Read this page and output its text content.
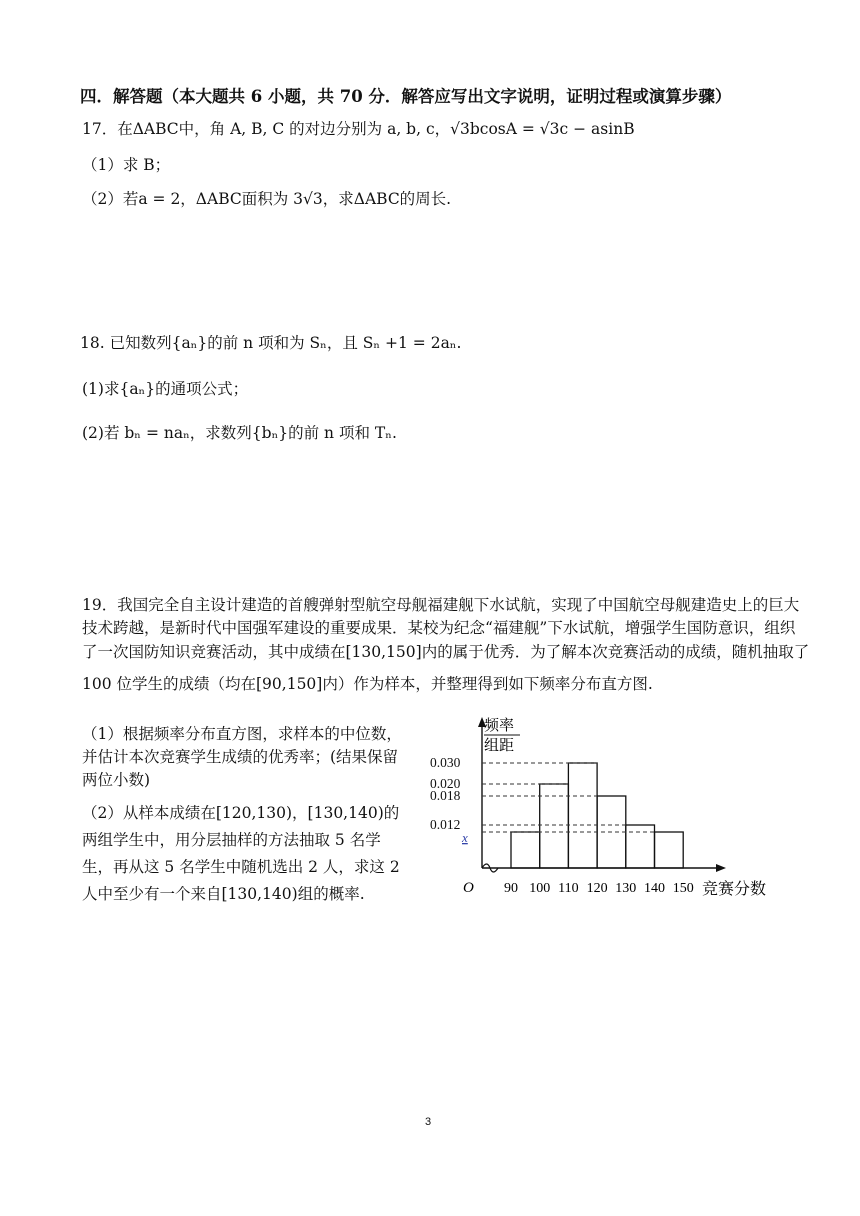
四．解答题（本大题共 6 小题，共 70 分．解答应写出文字说明，证明过程或演算步骤）
17．在ΔABC中，角 A, B, C 的对边分别为 a, b, c，√3bcosA = √3c − asinB
（1）求 B；
（2）若a = 2，ΔABC面积为 3√3，求ΔABC的周长.
18. 已知数列{aₙ}的前 n 项和为 Sₙ，且 Sₙ +1 = 2aₙ.
(1)求{aₙ}的通项公式；
(2)若 bₙ = naₙ，求数列{bₙ}的前 n 项和 Tₙ.
19．我国完全自主设计建造的首艘弹射型航空母舰福建舰下水试航，实现了中国航空母舰建造史上的巨大
技术跨越，是新时代中国强军建设的重要成果．某校为纪念“福建舰”下水试航，增强学生国防意识，组织
了一次国防知识竞赛活动，其中成绩在[130,150]内的属于优秀．为了解本次竞赛活动的成绩，随机抽取了
100 位学生的成绩（均在[90,150]内）作为样本，并整理得到如下频率分布直方图.
（1）根据频率分布直方图，求样本的中位数，并估计本次竞赛学生成绩的优秀率；(结果保留两位小数)
（2）从样本成绩在[120,130)，[130,140)的两组学生中，用分层抽样的方法抽取 5 名学生，再从这 5 名学生中随机选出 2 人，求这 2 人中至少有一个来自[130,140)组的概率.
频率
组距
0.030
0.020
0.018
0.012
x
90 100 110 120 130 140 150
O	竞赛分数
3
